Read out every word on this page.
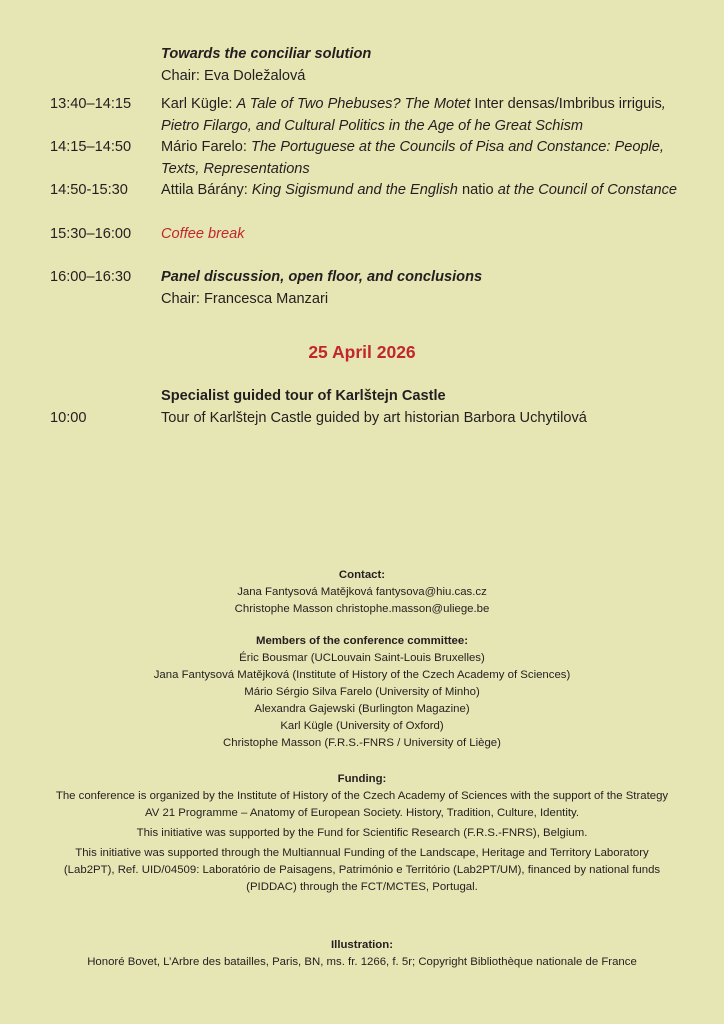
Towards the conciliar solution
Chair: Eva Doležalová
13:40–14:15	Karl Kügle: A Tale of Two Phebuses? The Motet Inter densas/Imbribus irriguis, Pietro Filargo, and Cultural Politics in the Age of he Great Schism
14:15–14:50	Mário Farelo: The Portuguese at the Councils of Pisa and Constance: People, Texts, Representations
14:50-15:30	Attila Bárány: King Sigismund and the English natio at the Council of Constance
15:30–16:00	Coffee break
16:00–16:30	Panel discussion, open floor, and conclusions
Chair: Francesca Manzari
25 April 2026
Specialist guided tour of Karlštejn Castle
10:00	Tour of Karlštejn Castle guided by art historian Barbora Uchytilová
Contact:
Jana Fantysová Matějková fantysova@hiu.cas.cz
Christophe Masson christophe.masson@uliege.be
Members of the conference committee:
Éric Bousmar (UCLouvain Saint-Louis Bruxelles)
Jana Fantysová Matějková (Institute of History of the Czech Academy of Sciences)
Mário Sérgio Silva Farelo (University of Minho)
Alexandra Gajewski (Burlington Magazine)
Karl Kügle (University of Oxford)
Christophe Masson (F.R.S.-FNRS / University of Liège)
Funding:
The conference is organized by the Institute of History of the Czech Academy of Sciences with the support of the Strategy AV 21 Programme – Anatomy of European Society. History, Tradition, Culture, Identity.
This initiative was supported by the Fund for Scientific Research (F.R.S.-FNRS), Belgium.
This initiative was supported through the Multiannual Funding of the Landscape, Heritage and Territory Laboratory (Lab2PT), Ref. UID/04509: Laboratório de Paisagens, Património e Território (Lab2PT/UM), financed by national funds (PIDDAC) through the FCT/MCTES, Portugal.
Illustration:
Honoré Bovet, L’Arbre des batailles, Paris, BN, ms. fr. 1266, f. 5r; Copyright Bibliothèque nationale de France
